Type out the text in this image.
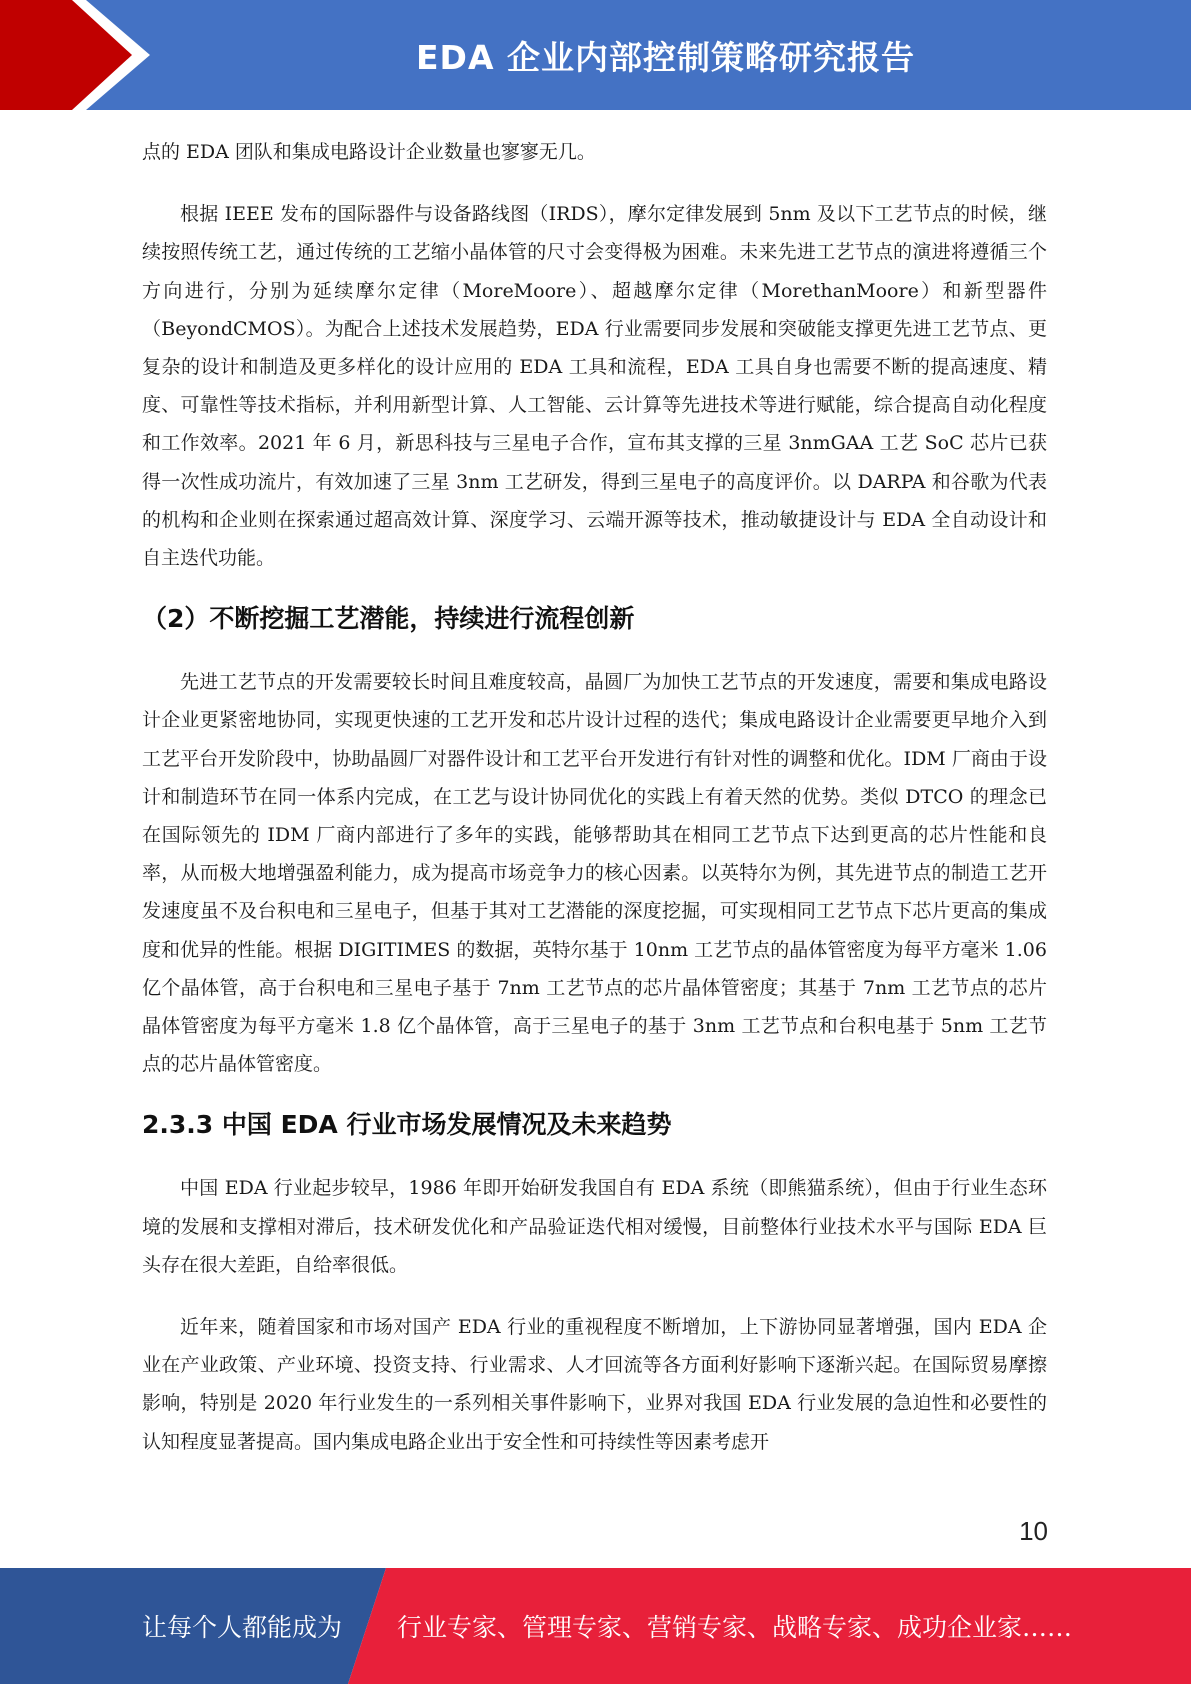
EDA 企业内部控制策略研究报告

点的 EDA 团队和集成电路设计企业数量也寥寥无几。

根据 IEEE 发布的国际器件与设备路线图（IRDS），摩尔定律发展到 5nm 及以下工艺节点的时候，继续按照传统工艺，通过传统的工艺缩小晶体管的尺寸会变得极为困难。未来先进工艺节点的演进将遵循三个方向进行，分别为延续摩尔定律（MoreMoore）、超越摩尔定律（MorethanMoore）和新型器件（BeyondCMOS）。为配合上述技术发展趋势，EDA 行业需要同步发展和突破能支撑更先进工艺节点、更复杂的设计和制造及更多样化的设计应用的 EDA 工具和流程，EDA 工具自身也需要不断的提高速度、精度、可靠性等技术指标，并利用新型计算、人工智能、云计算等先进技术等进行赋能，综合提高自动化程度和工作效率。2021 年 6 月，新思科技与三星电子合作，宣布其支撑的三星 3nmGAA 工艺 SoC 芯片已获得一次性成功流片，有效加速了三星 3nm 工艺研发，得到三星电子的高度评价。以 DARPA 和谷歌为代表的机构和企业则在探索通过超高效计算、深度学习、云端开源等技术，推动敏捷设计与 EDA 全自动设计和自主迭代功能。

（2）不断挖掘工艺潜能，持续进行流程创新

先进工艺节点的开发需要较长时间且难度较高，晶圆厂为加快工艺节点的开发速度，需要和集成电路设计企业更紧密地协同，实现更快速的工艺开发和芯片设计过程的迭代；集成电路设计企业需要更早地介入到工艺平台开发阶段中，协助晶圆厂对器件设计和工艺平台开发进行有针对性的调整和优化。IDM 厂商由于设计和制造环节在同一体系内完成，在工艺与设计协同优化的实践上有着天然的优势。类似 DTCO 的理念已在国际领先的 IDM 厂商内部进行了多年的实践，能够帮助其在相同工艺节点下达到更高的芯片性能和良率，从而极大地增强盈利能力，成为提高市场竞争力的核心因素。以英特尔为例，其先进节点的制造工艺开发速度虽不及台积电和三星电子，但基于其对工艺潜能的深度挖掘，可实现相同工艺节点下芯片更高的集成度和优异的性能。根据 DIGITIMES 的数据，英特尔基于 10nm 工艺节点的晶体管密度为每平方毫米 1.06 亿个晶体管，高于台积电和三星电子基于 7nm 工艺节点的芯片晶体管密度；其基于 7nm 工艺节点的芯片晶体管密度为每平方毫米 1.8 亿个晶体管，高于三星电子的基于 3nm 工艺节点和台积电基于 5nm 工艺节点的芯片晶体管密度。

2.3.3 中国 EDA 行业市场发展情况及未来趋势

中国 EDA 行业起步较早，1986 年即开始研发我国自有 EDA 系统（即熊猫系统），但由于行业生态环境的发展和支撑相对滞后，技术研发优化和产品验证迭代相对缓慢，目前整体行业技术水平与国际 EDA 巨头存在很大差距，自给率很低。

近年来，随着国家和市场对国产 EDA 行业的重视程度不断增加，上下游协同显著增强，国内 EDA 企业在产业政策、产业环境、投资支持、行业需求、人才回流等各方面利好影响下逐渐兴起。在国际贸易摩擦影响，特别是 2020 年行业发生的一系列相关事件影响下，业界对我国 EDA 行业发展的急迫性和必要性的认知程度显著提高。国内集成电路企业出于安全性和可持续性等因素考虑开

10
让每个人都能成为 行业专家、管理专家、营销专家、战略专家、成功企业家……
